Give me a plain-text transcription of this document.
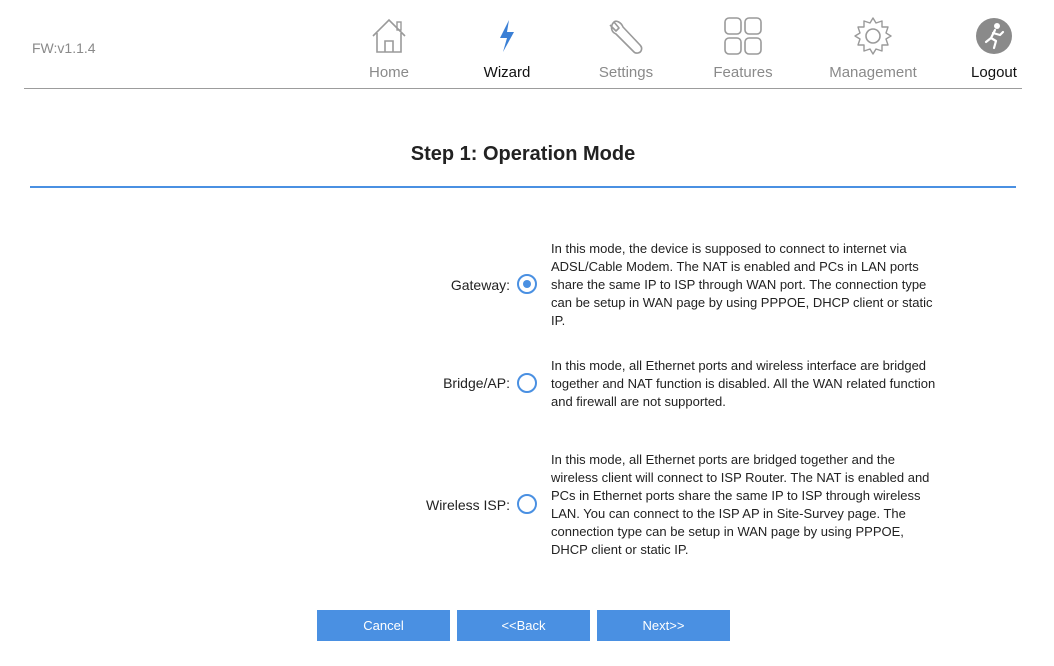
FW:v1.1.4
Home	Wizard	Settings	Features	Management	Logout
Step 1: Operation Mode
Gateway:
In this mode, the device is supposed to connect to internet via
ADSL/Cable Modem. The NAT is enabled and PCs in LAN ports
share the same IP to ISP through WAN port. The connection type
can be setup in WAN page by using PPPOE, DHCP client or static
IP.
Bridge/AP:
In this mode, all Ethernet ports and wireless interface are bridged
together and NAT function is disabled. All the WAN related function
and firewall are not supported.
Wireless ISP:
In this mode, all Ethernet ports are bridged together and the
wireless client will connect to ISP Router. The NAT is enabled and
PCs in Ethernet ports share the same IP to ISP through wireless
LAN. You can connect to the ISP AP in Site-Survey page. The
connection type can be setup in WAN page by using PPPOE,
DHCP client or static IP.
Cancel	<<Back	Next>>
